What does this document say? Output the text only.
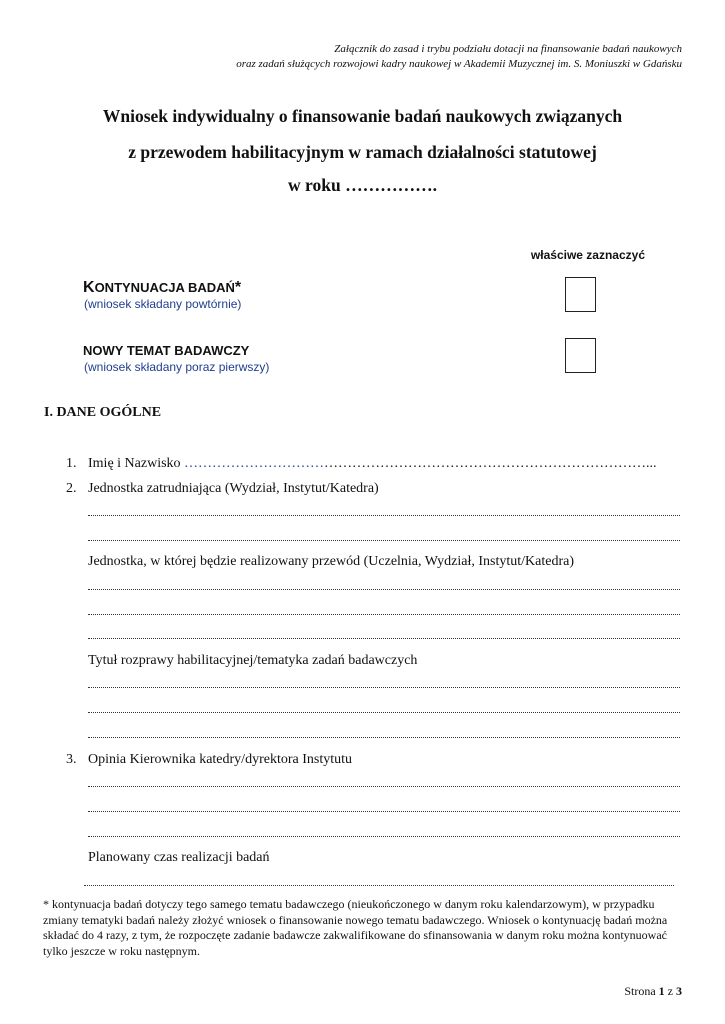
Załącznik do zasad i trybu podziału dotacji na finansowanie badań naukowych
oraz zadań służących rozwojowi kadry naukowej w Akademii Muzycznej im. S. Moniuszki w Gdańsku
Wniosek indywidualny o finansowanie badań naukowych związanych
z przewodem habilitacyjnym w ramach działalności statutowej
w roku …………….
właściwe zaznaczyć
KONTYNUACJA BADAŃ*
(wniosek składany powtórnie)
NOWY TEMAT BADAWCZY
(wniosek składany poraz pierwszy)
I. DANE OGÓLNE
1. Imię i Nazwisko ………………………………………………………………………………………...
2. Jednostka zatrudniająca (Wydział, Instytut/Katedra)
Jednostka, w której będzie realizowany przewód (Uczelnia, Wydział, Instytut/Katedra)
Tytuł rozprawy habilitacyjnej/tematyka zadań badawczych
3. Opinia Kierownika katedry/dyrektora Instytutu
Planowany czas realizacji badań
* kontynuacja badań dotyczy tego samego tematu badawczego (nieukończonego w danym roku kalendarzowym), w przypadku zmiany tematyki badań należy złożyć wniosek o finansowanie nowego tematu badawczego. Wniosek o kontynuację badań można składać do 4 razy, z tym, że rozpoczęte zadanie badawcze zakwalifikowane do sfinansowania w danym roku można kontynuować tylko jeszcze w roku następnym.
Strona 1 z 3
